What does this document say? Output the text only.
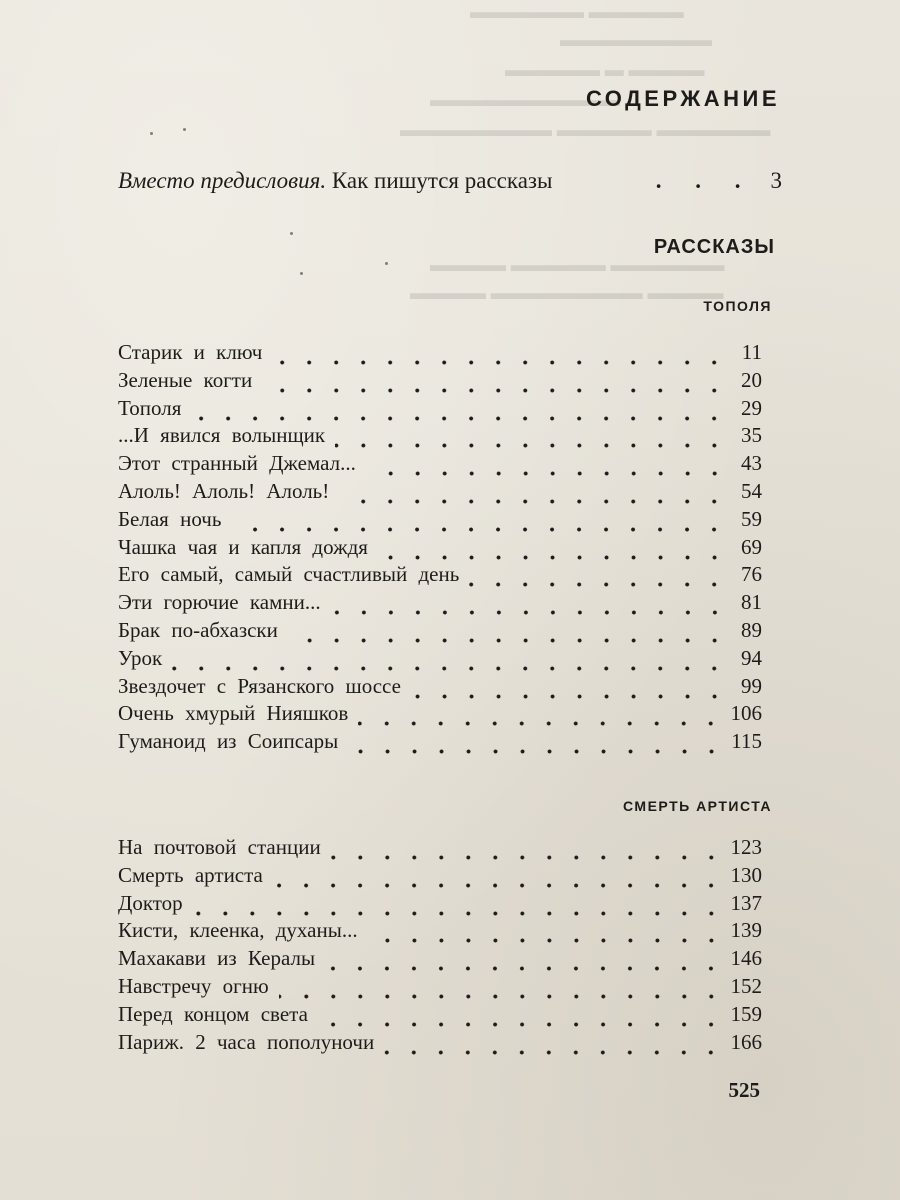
▬▬▬▬▬ ▬▬▬▬▬▬
▬▬▬▬▬▬▬▬
▬▬▬▬ ▬ ▬▬▬▬▬
▬▬▬▬▬▬▬▬▬▬
▬▬▬▬▬▬ ▬▬▬▬▬ ▬▬▬▬▬▬▬▬
▬▬▬▬▬▬ ▬▬▬▬▬ ▬▬▬▬
▬▬▬▬ ▬▬▬▬▬▬▬▬ ▬▬▬▬
СОДЕРЖАНИЕ
Вместо предисловия.
Как пишутся рассказы	. . . 3
РАССКАЗЫ
ТОПОЛЯ
Старик и ключ	11
Зеленые когти	20
Тополя	29
...И явился волынщик	35
Этот странный Джемал...	43
Алоль! Алоль! Алоль!	54
Белая ночь	59
Чашка чая и капля дождя	69
Его самый, самый счастливый день	76
Эти горючие камни...	81
Брак по-абхазски	89
Урок	94
Звездочет с Рязанского шоссе	99
Очень хмурый Нияшков	106
Гуманоид из Соипсары	115
СМЕРТЬ АРТИСТА
На почтовой станции	123
Смерть артиста	130
Доктор	137
Кисти, клеенка, духаны...	139
Махакави из Кералы	146
Навстречу огню	152
Перед концом света	159
Париж. 2 часа пополуночи	166
525
